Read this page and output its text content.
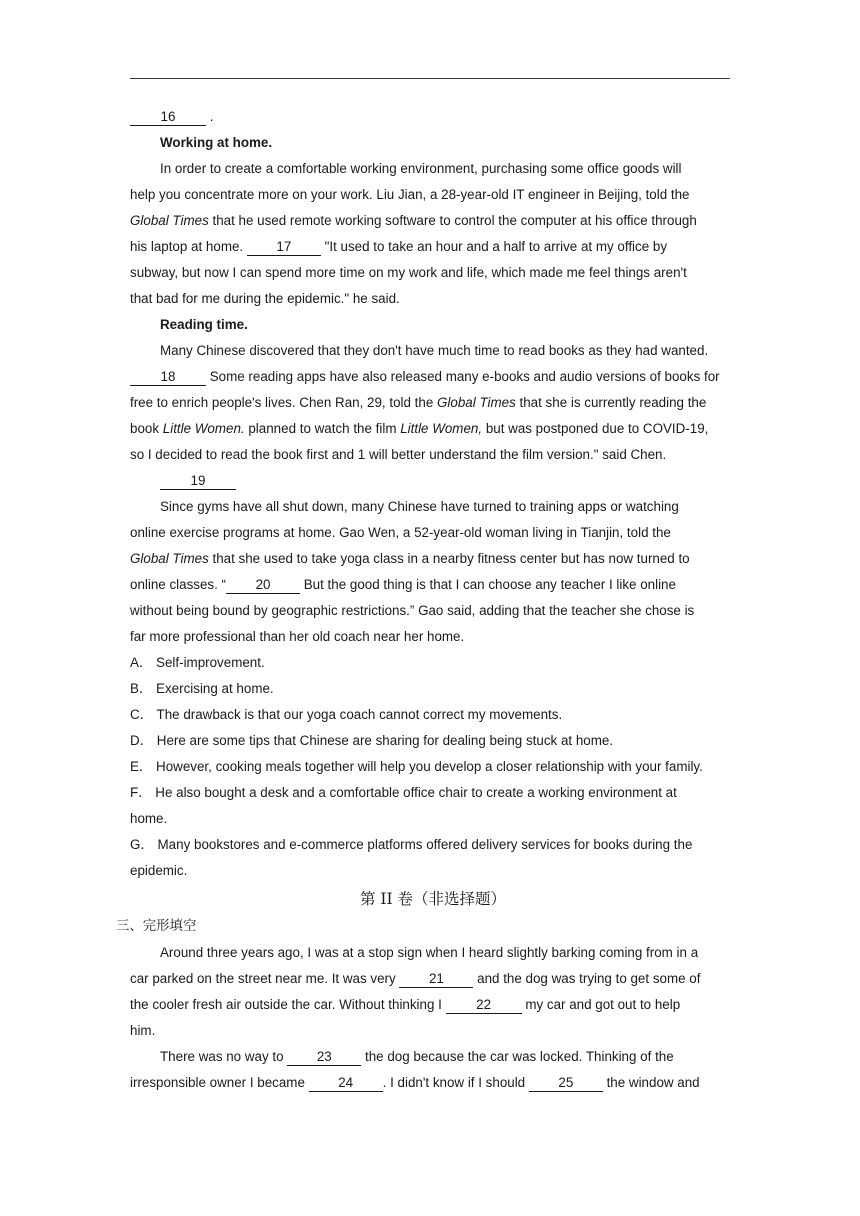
16 .
Working at home.
In order to create a comfortable working environment, purchasing some office goods will
help you concentrate more on your work. Liu Jian, a 28-year-old IT engineer in Beijing, told the
Global Times that he used remote working software to control the computer at his office through
his laptop at home. 17 "It used to take an hour and a half to arrive at my office by
subway, but now I can spend more time on my work and life, which made me feel things aren't
that bad for me during the epidemic." he said.
Reading time.
Many Chinese discovered that they don't have much time to read books as they had wanted.
18 Some reading apps have also released many e-books and audio versions of books for
free to enrich people's lives. Chen Ran, 29, told the Global Times that she is currently reading the
book Little Women. planned to watch the film Little Women, but was postponed due to COVID-19,
so I decided to read the book first and 1 will better understand the film version." said Chen.
19
Since gyms have all shut down, many Chinese have turned to training apps or watching
online exercise programs at home. Gao Wen, a 52-year-old woman living in Tianjin, told the
Global Times that she used to take yoga class in a nearby fitness center but has now turned to
online classes. “ 20 But the good thing is that I can choose any teacher I like online
without being bound by geographic restrictions.” Gao said, adding that the teacher she chose is
far more professional than her old coach near her home.
A． Self-improvement.
B． Exercising at home.
C． The drawback is that our yoga coach cannot correct my movements.
D． Here are some tips that Chinese are sharing for dealing being stuck at home.
E． However, cooking meals together will help you develop a closer relationship with your family.
F． He also bought a desk and a comfortable office chair to create a working environment at
home.
G． Many bookstores and e-commerce platforms offered delivery services for books during the
epidemic.
第 II 卷（非选择题）
三、完形填空
Around three years ago, I was at a stop sign when I heard slightly barking coming from in a
car parked on the street near me. It was very 21 and the dog was trying to get some of
the cooler fresh air outside the car. Without thinking I 22 my car and got out to help
him.
There was no way to 23 the dog because the car was locked. Thinking of the
irresponsible owner I became 24 . I didn't know if I should 25 the window and
